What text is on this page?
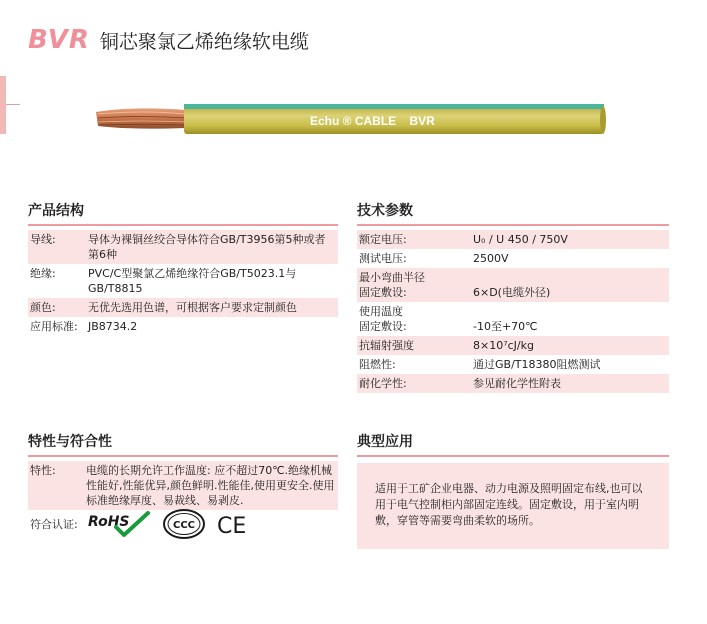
BVR 铜芯聚氯乙烯绝缘软电缆
Echu ® CABLE    BVR
产品结构
导线:	导体为裸铜丝绞合导体符合GB/T3956第5种或者第6种
绝缘:	PVC/C型聚氯乙烯绝缘符合GB/T5023.1与GB/T8815
颜色:	无优先选用色谱，可根据客户要求定制颜色
应用标准: JB8734.2
技术参数
额定电压:	U₀ / U 450 / 750V
测试电压:	2500V
最小弯曲半径
固定敷设:	6×D(电缆外径)
使用温度
固定敷设:	-10至+70℃
抗辐射强度	8×10⁷cJ/kg
阻燃性:	通过GB/T18380阻燃测试
耐化学性:	参见耐化学性附表
特性与符合性
特性:	电缆的长期允许工作温度: 应不超过70℃.绝缘机械性能好,性能优异,颜色鲜明.性能佳,使用更安全.使用标准绝缘厚度、易裁线、易剥皮.
符合认证: RoHS	CCC CE
典型应用
适用于工矿企业电器、动力电源及照明固定布线,也可以用于电气控制柜内部固定连线。固定敷设，用于室内明敷，穿管等需要弯曲柔软的场所。
